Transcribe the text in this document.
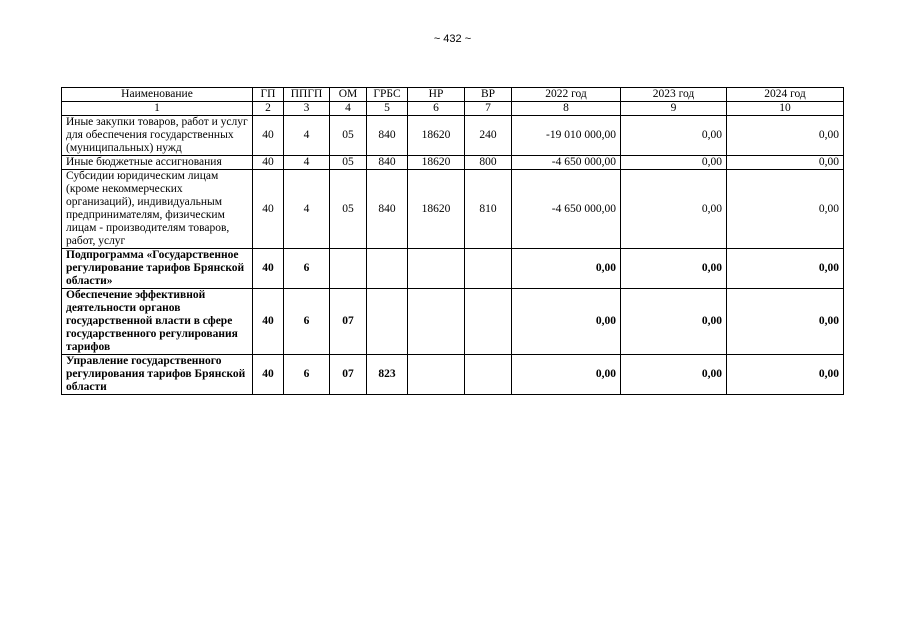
~ 432 ~
Наименование	ГП	ППГП	ОМ	ГРБС	НР	ВР	2022 год	2023 год	2024 год
1	2	3	4	5	6	7	8	9	10
Иные закупки товаров, работ и услуг для обеспечения государственных (муниципальных) нужд	40	4	05	840	18620	240	-19 010 000,00	0,00	0,00
Иные бюджетные ассигнования	40	4	05	840	18620	800	-4 650 000,00	0,00	0,00
Субсидии юридическим лицам (кроме некоммерческих организаций), индивидуальным предпринимателям, физическим лицам - производителям товаров, работ, услуг	40	4	05	840	18620	810	-4 650 000,00	0,00	0,00
Подпрограмма «Государственное регулирование тарифов Брянской области»	40	6					0,00	0,00	0,00
Обеспечение эффективной деятельности органов государственной власти в сфере государственного регулирования тарифов	40	6	07				0,00	0,00	0,00
Управление государственного регулирования тарифов Брянской области	40	6	07	823			0,00	0,00	0,00
